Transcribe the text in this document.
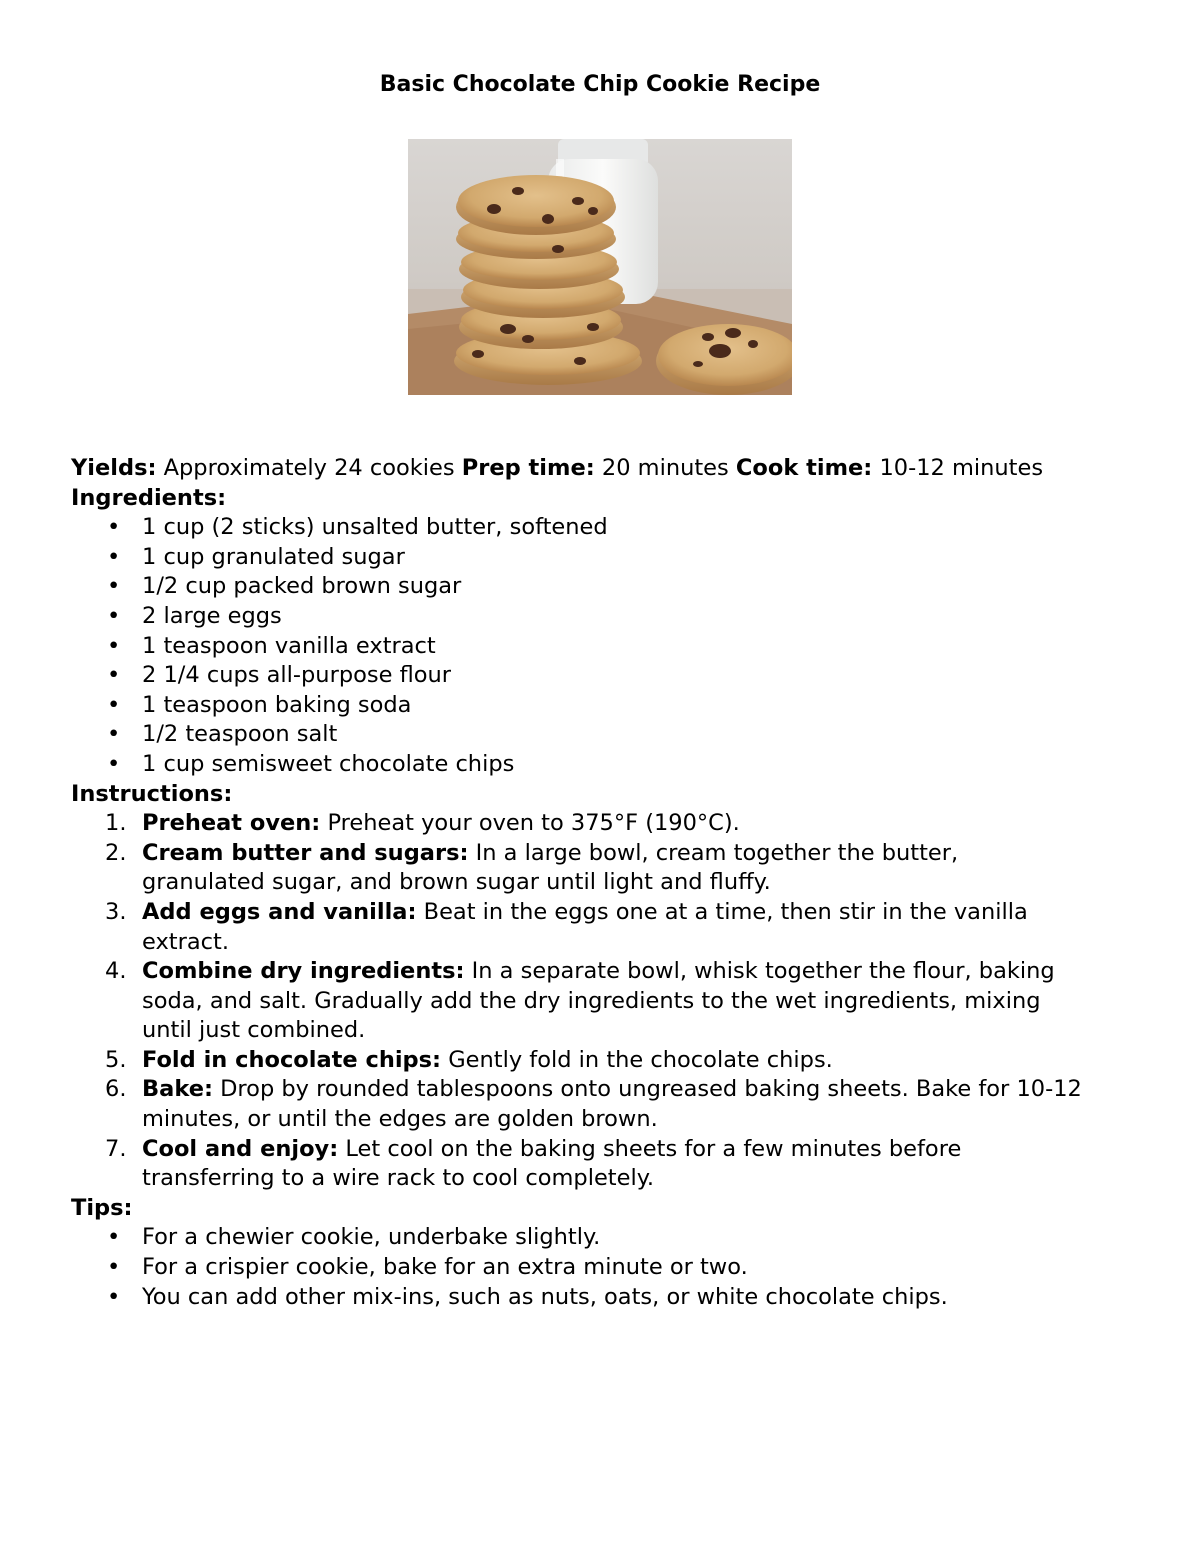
Basic Chocolate Chip Cookie Recipe
Yields: Approximately 24 cookies Prep time: 20 minutes Cook time: 10-12 minutes
Ingredients:
• 1 cup (2 sticks) unsalted butter, softened
• 1 cup granulated sugar
• 1/2 cup packed brown sugar
• 2 large eggs
• 1 teaspoon vanilla extract
• 2 1/4 cups all-purpose flour
• 1 teaspoon baking soda
• 1/2 teaspoon salt
• 1 cup semisweet chocolate chips
Instructions:
1. Preheat oven: Preheat your oven to 375°F (190°C).
2. Cream butter and sugars: In a large bowl, cream together the butter,
granulated sugar, and brown sugar until light and fluffy.
3. Add eggs and vanilla: Beat in the eggs one at a time, then stir in the vanilla
extract.
4. Combine dry ingredients: In a separate bowl, whisk together the flour, baking
soda, and salt. Gradually add the dry ingredients to the wet ingredients, mixing
until just combined.
5. Fold in chocolate chips: Gently fold in the chocolate chips.
6. Bake: Drop by rounded tablespoons onto ungreased baking sheets. Bake for 10-12
minutes, or until the edges are golden brown.
7. Cool and enjoy: Let cool on the baking sheets for a few minutes before
transferring to a wire rack to cool completely.
Tips:
• For a chewier cookie, underbake slightly.
• For a crispier cookie, bake for an extra minute or two.
• You can add other mix-ins, such as nuts, oats, or white chocolate chips.
